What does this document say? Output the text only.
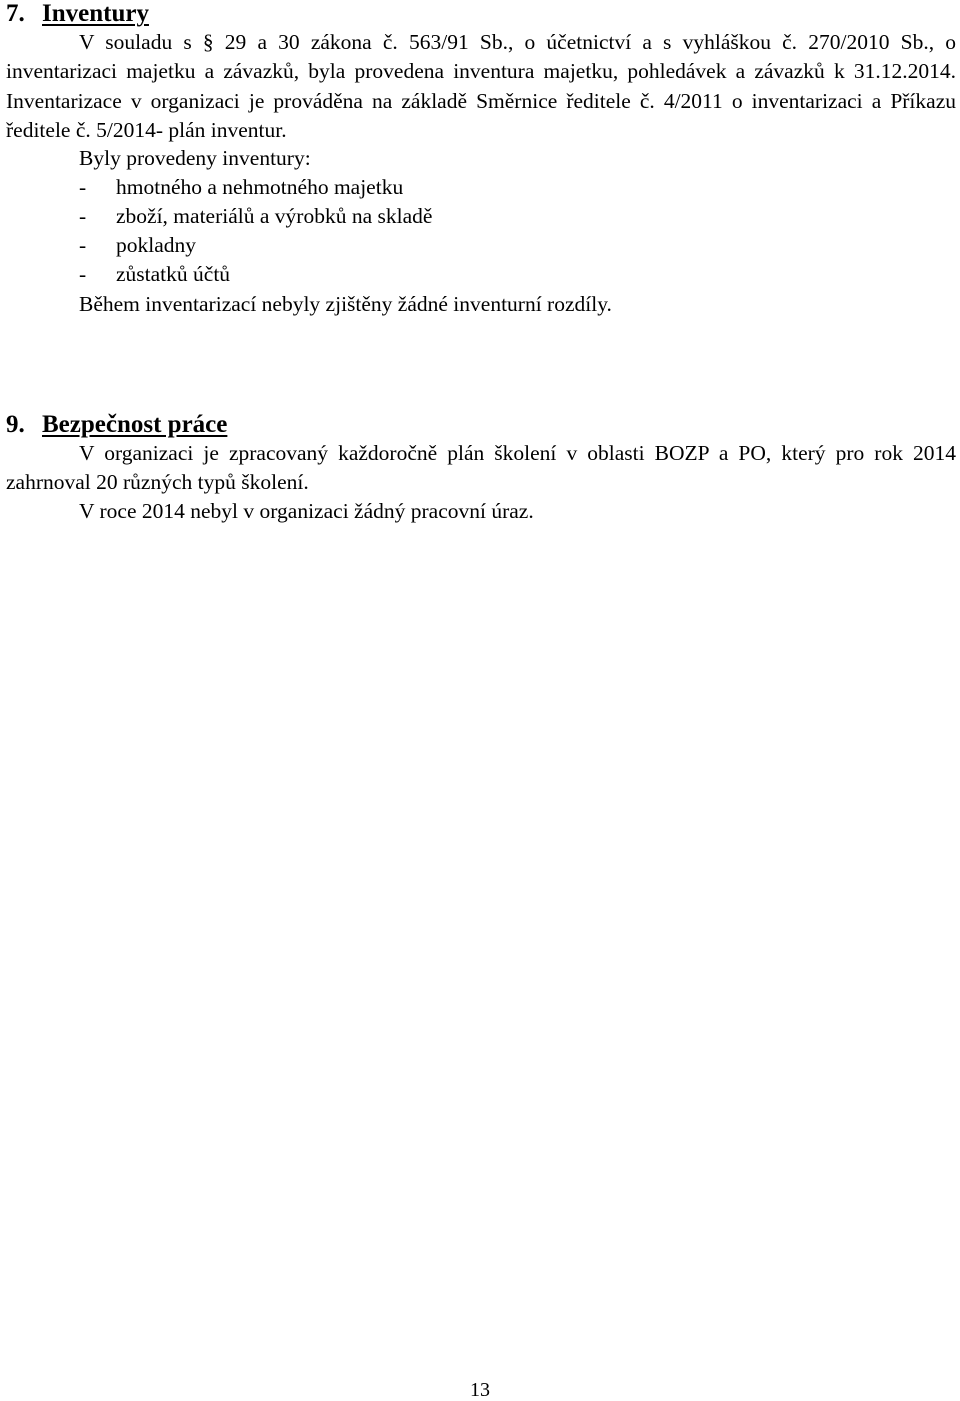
7. Inventury
V souladu s § 29 a 30 zákona č. 563/91 Sb., o účetnictví a s vyhláškou č. 270/2010 Sb., o inventarizaci majetku a závazků, byla provedena inventura majetku, pohledávek a závazků k 31.12.2014. Inventarizace v organizaci je prováděna na základě Směrnice ředitele č. 4/2011 o inventarizaci a Příkazu ředitele č. 5/2014- plán inventur.
Byly provedeny inventury:
- hmotného a nehmotného majetku
- zboží, materiálů a výrobků na skladě
- pokladny
- zůstatků účtů
Během inventarizací nebyly zjištěny žádné inventurní rozdíly.
9. Bezpečnost práce
V organizaci je zpracovaný každoročně plán školení v oblasti BOZP a PO, který pro rok 2014 zahrnoval 20 různých typů školení.
V roce 2014 nebyl v organizaci žádný pracovní úraz.
13
